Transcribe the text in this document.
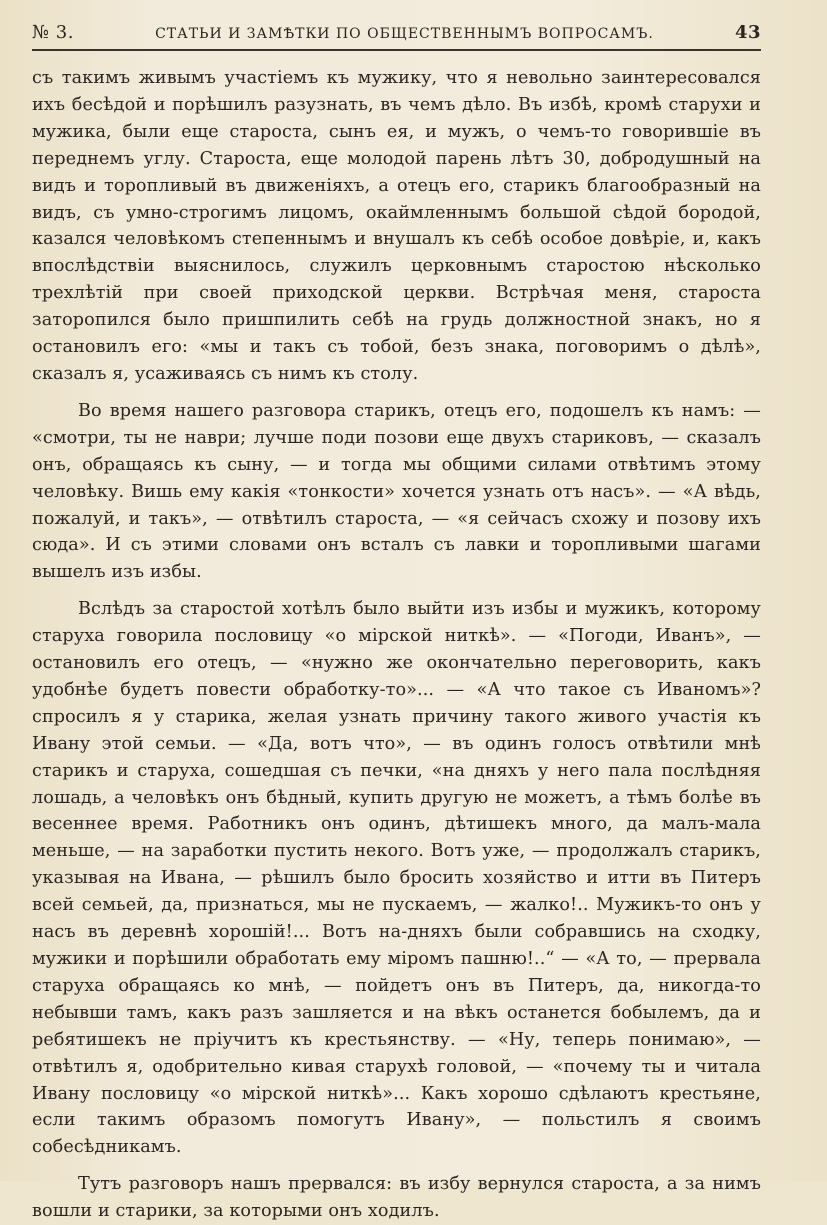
№ 3.	СТАТЬИ И ЗАМѢТКИ ПО ОБЩЕСТВЕННЫМЪ ВОПРОСАМЪ.	43

съ такимъ живымъ участіемъ къ мужику, что я невольно заинтересовался ихъ бесѣдой и порѣшилъ разузнать, въ чемъ дѣло. Въ избѣ, кромѣ старухи и мужика, были еще староста, сынъ ея, и мужъ, о чемъ-то говорившіе въ переднемъ углу. Староста, еще молодой парень лѣтъ 30, добродушный на видъ и торопливый въ движеніяхъ, а отецъ его, старикъ благообразный на видъ, съ умно-строгимъ лицомъ, окаймленнымъ большой сѣдой бородой, казался человѣкомъ степеннымъ и внушалъ къ себѣ особое довѣріе, и, какъ впослѣдствіи выяснилось, служилъ церковнымъ старостою нѣсколько трехлѣтій при своей приходской церкви. Встрѣчая меня, староста заторопился было пришпилить себѣ на грудь должностной знакъ, но я остановилъ его: «мы и такъ съ тобой, безъ знака, поговоримъ о дѣлѣ», сказалъ я, усаживаясь съ нимъ къ столу.

Во время нашего разговора старикъ, отецъ его, подошелъ къ намъ: — «смотри, ты не наври; лучше поди позови еще двухъ стариковъ, — сказалъ онъ, обращаясь къ сыну, — и тогда мы общими силами отвѣтимъ этому человѣку. Вишь ему какія «тонкости» хочется узнать отъ насъ». — «А вѣдь, пожалуй, и такъ», — отвѣтилъ староста, — «я сейчасъ схожу и позову ихъ сюда». И съ этими словами онъ всталъ съ лавки и торопливыми шагами вышелъ изъ избы.

Вслѣдъ за старостой хотѣлъ было выйти изъ избы и мужикъ, которому старуха говорила пословицу «о мірской ниткѣ». — «Погоди, Иванъ», — остановилъ его отецъ, — «нужно же окончательно переговорить, какъ удобнѣе будетъ повести обработку-то»... — «А что такое съ Иваномъ»? спросилъ я у старика, желая узнать причину такого живого участія къ Ивану этой семьи. — «Да, вотъ что», — въ одинъ голосъ отвѣтили мнѣ старикъ и старуха, сошедшая съ печки, «на дняхъ у него пала послѣдняя лошадь, а человѣкъ онъ бѣдный, купить другую не можетъ, а тѣмъ болѣе въ весеннее время. Работникъ онъ одинъ, дѣтишекъ много, да малъ-мала меньше, — на заработки пустить некого. Вотъ уже, — продолжалъ старикъ, указывая на Ивана, — рѣшилъ было бросить хозяйство и итти въ Питеръ всей семьей, да, признаться, мы не пускаемъ, — жалко!.. Мужикъ-то онъ у насъ въ деревнѣ хорошій!... Вотъ на-дняхъ были собравшись на сходку, мужики и порѣшили обработать ему міромъ пашню!..“ — «А то, — прервала старуха обращаясь ко мнѣ, — пойдетъ онъ въ Питеръ, да, никогда-то небывши тамъ, какъ разъ зашляется и на вѣкъ останется бобылемъ, да и ребятишекъ не пріучитъ къ крестьянству. — «Ну, теперь понимаю», — отвѣтилъ я, одобрительно кивая старухѣ головой, — «почему ты и читала Ивану пословицу «о мірской ниткѣ»... Какъ хорошо сдѣлаютъ крестьяне, если такимъ образомъ помогутъ Ивану», — польстилъ я своимъ собесѣдникамъ.

Тутъ разговоръ нашъ прервался: въ избу вернулся староста, а за нимъ вошли и старики, за которыми онъ ходилъ.
